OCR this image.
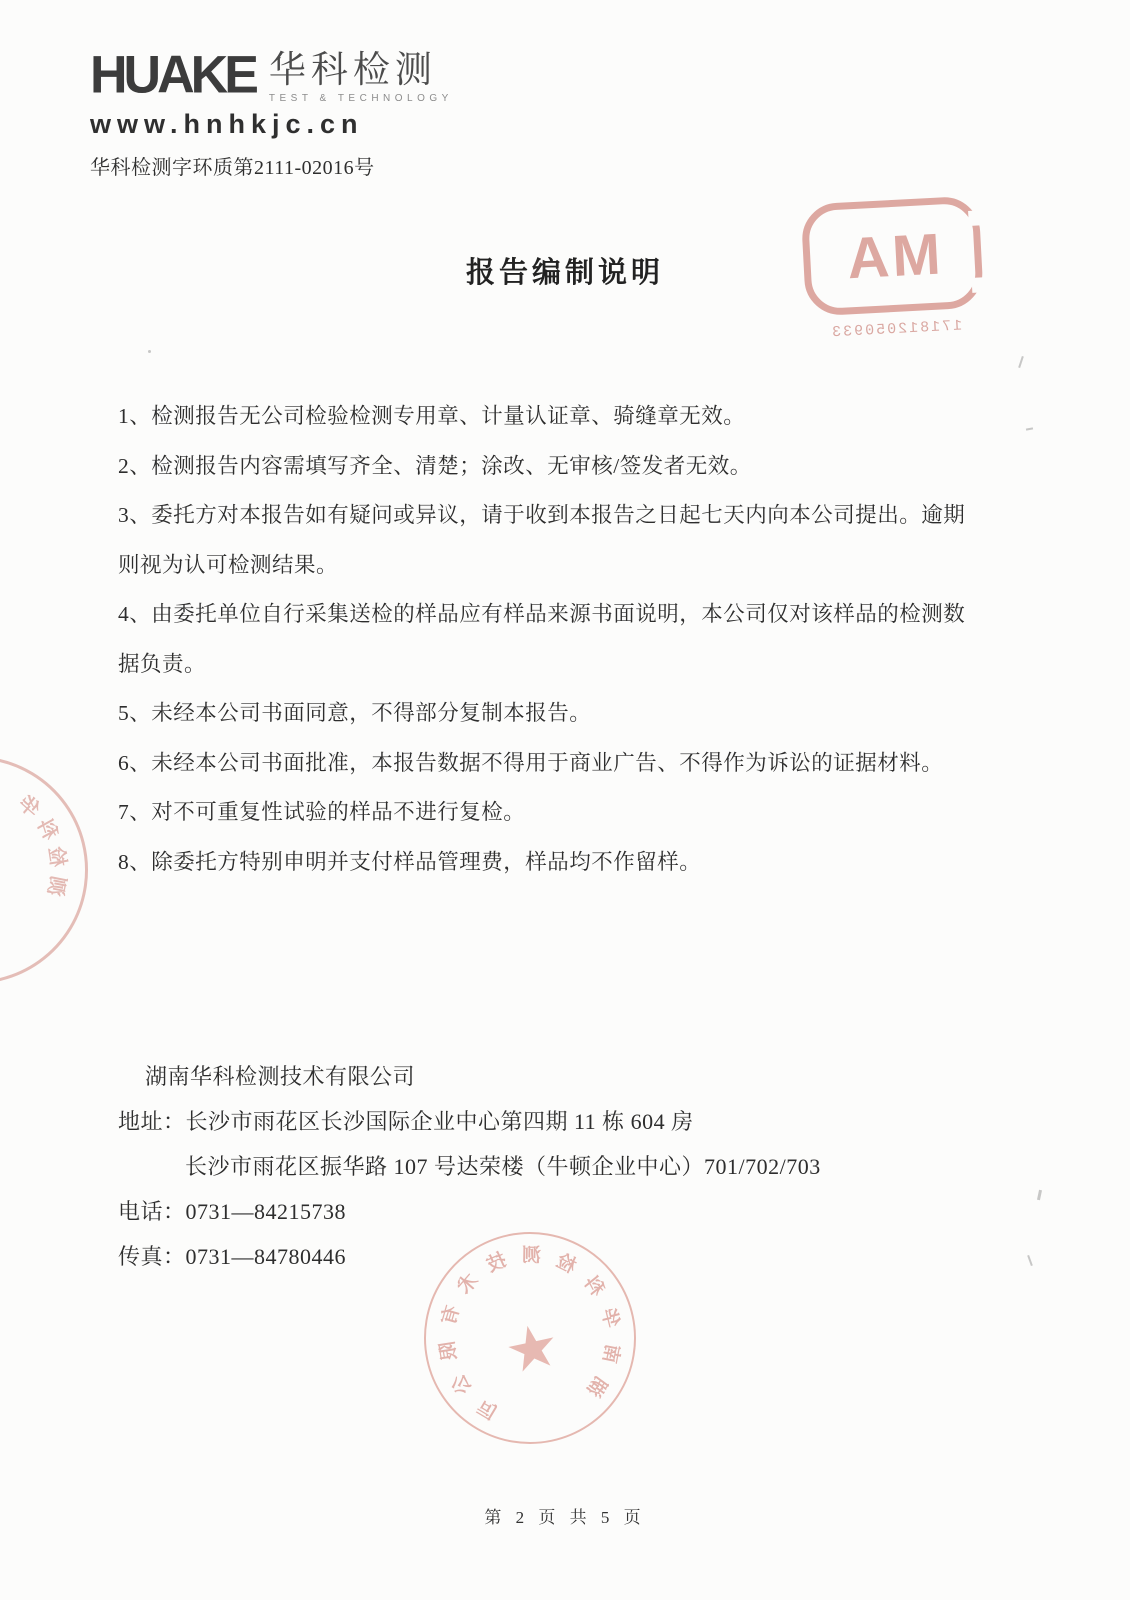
HUAKE 华科检测
TEST & TECHNOLOGY
www.hnhkjc.cn
华科检测字环质第2111-02016号
MA
171812050933
报告编制说明
1、检测报告无公司检验检测专用章、计量认证章、骑缝章无效。
2、检测报告内容需填写齐全、清楚；涂改、无审核/签发者无效。
3、委托方对本报告如有疑问或异议，请于收到本报告之日起七天内向本公司提出。逾期
则视为认可检测结果。
4、由委托单位自行采集送检的样品应有样品来源书面说明，本公司仅对该样品的检测数
据负责。
5、未经本公司书面同意，不得部分复制本报告。
6、未经本公司书面批准，本报告数据不得用于商业广告、不得作为诉讼的证据材料。
7、对不可重复性试验的样品不进行复检。
8、除委托方特别申明并支付样品管理费，样品均不作留样。
华
科
检
测
湖南华科检测技术有限公司
地址：长沙市雨花区长沙国际企业中心第四期 11 栋 604 房
长沙市雨花区振华路 107 号达荣楼（牛顿企业中心）701/702/703
电话：0731—84215738
传真：0731—84780446
★ 湖
南
华
科
检
测
技
术
有
限
公
司
第 2 页 共 5 页
